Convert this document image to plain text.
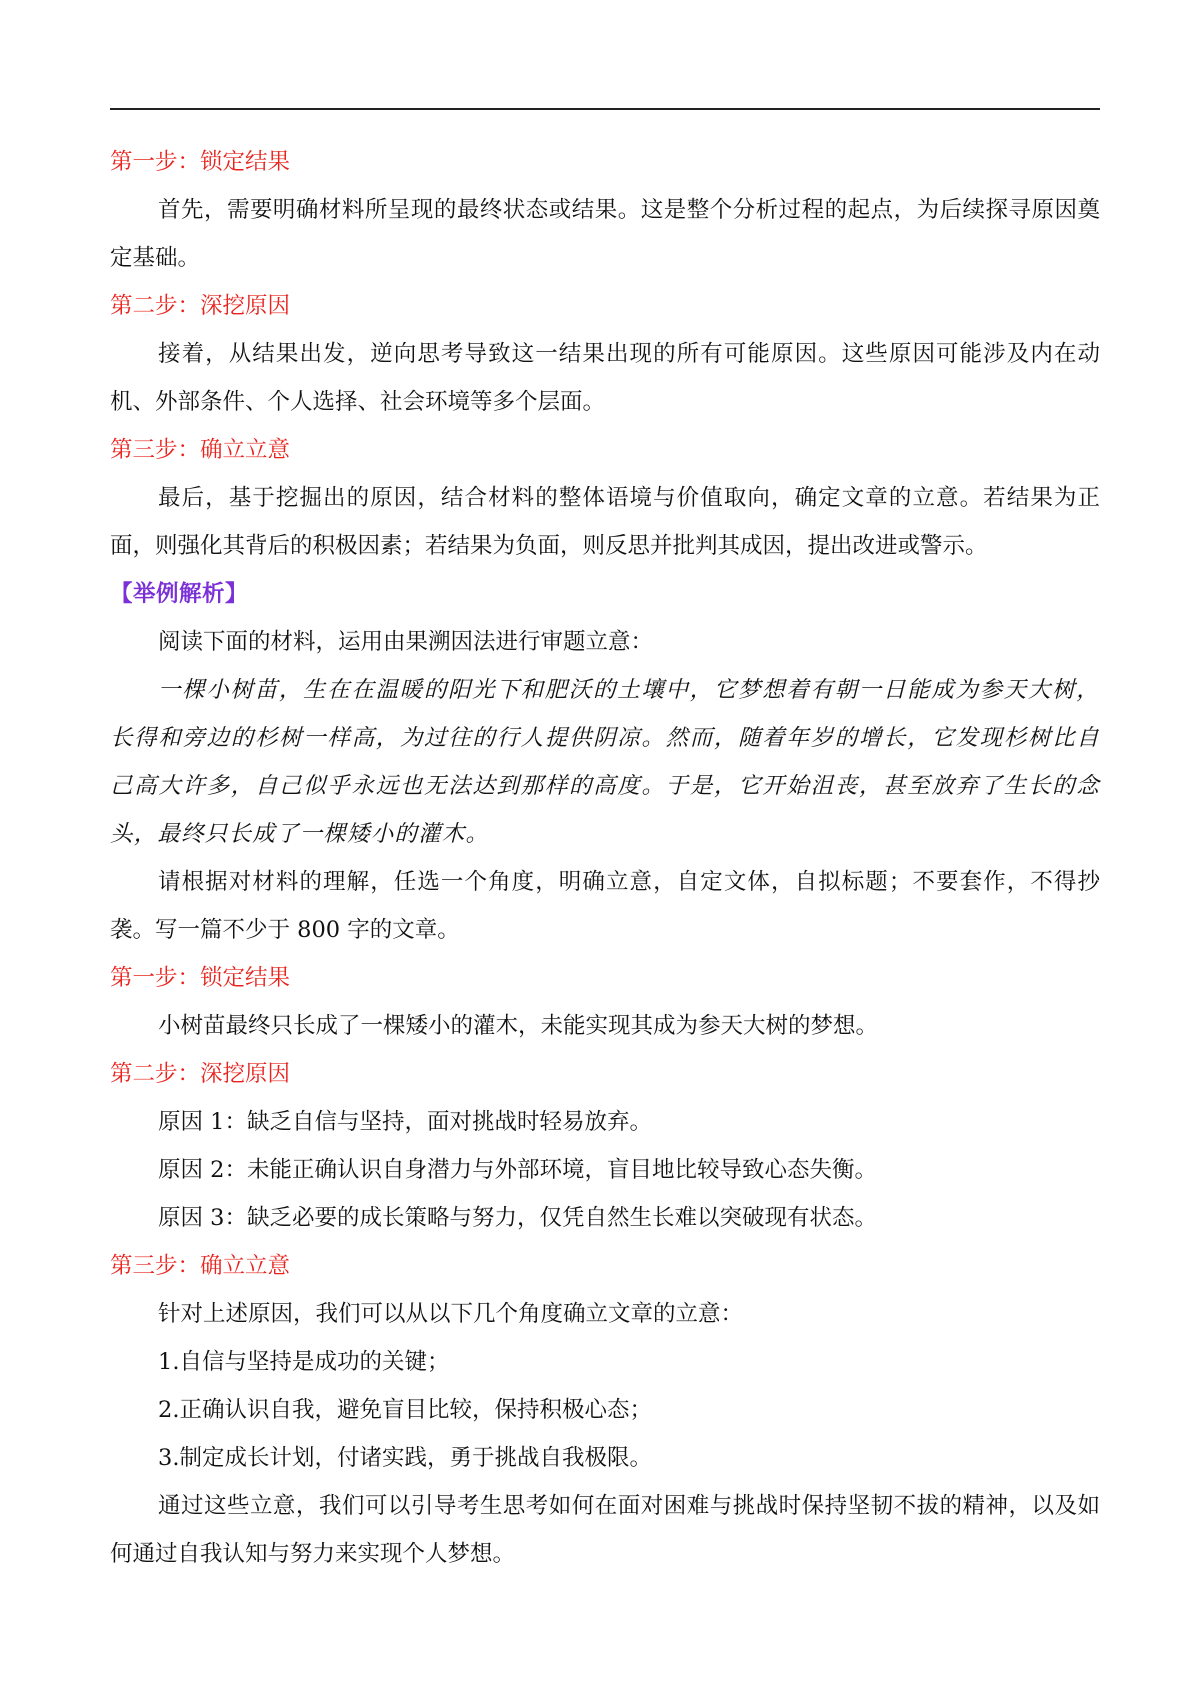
第一步：锁定结果

首先，需要明确材料所呈现的最终状态或结果。这是整个分析过程的起点，为后续探寻原因奠定基础。

第二步：深挖原因

接着，从结果出发，逆向思考导致这一结果出现的所有可能原因。这些原因可能涉及内在动机、外部条件、个人选择、社会环境等多个层面。

第三步：确立立意

最后，基于挖掘出的原因，结合材料的整体语境与价值取向，确定文章的立意。若结果为正面，则强化其背后的积极因素；若结果为负面，则反思并批判其成因，提出改进或警示。

【举例解析】

阅读下面的材料，运用由果溯因法进行审题立意：

一棵小树苗，生在在温暖的阳光下和肥沃的土壤中，它梦想着有朝一日能成为参天大树，长得和旁边的杉树一样高，为过往的行人提供阴凉。然而，随着年岁的增长，它发现杉树比自己高大许多，自己似乎永远也无法达到那样的高度。于是，它开始沮丧，甚至放弃了生长的念头，最终只长成了一棵矮小的灌木。

请根据对材料的理解，任选一个角度，明确立意，自定文体，自拟标题；不要套作，不得抄袭。写一篇不少于 800 字的文章。

第一步：锁定结果

小树苗最终只长成了一棵矮小的灌木，未能实现其成为参天大树的梦想。

第二步：深挖原因

原因 1：缺乏自信与坚持，面对挑战时轻易放弃。

原因 2：未能正确认识自身潜力与外部环境，盲目地比较导致心态失衡。

原因 3：缺乏必要的成长策略与努力，仅凭自然生长难以突破现有状态。

第三步：确立立意

针对上述原因，我们可以从以下几个角度确立文章的立意：

1.自信与坚持是成功的关键；

2.正确认识自我，避免盲目比较，保持积极心态；

3.制定成长计划，付诸实践，勇于挑战自我极限。

通过这些立意，我们可以引导考生思考如何在面对困难与挑战时保持坚韧不拔的精神，以及如何通过自我认知与努力来实现个人梦想。
